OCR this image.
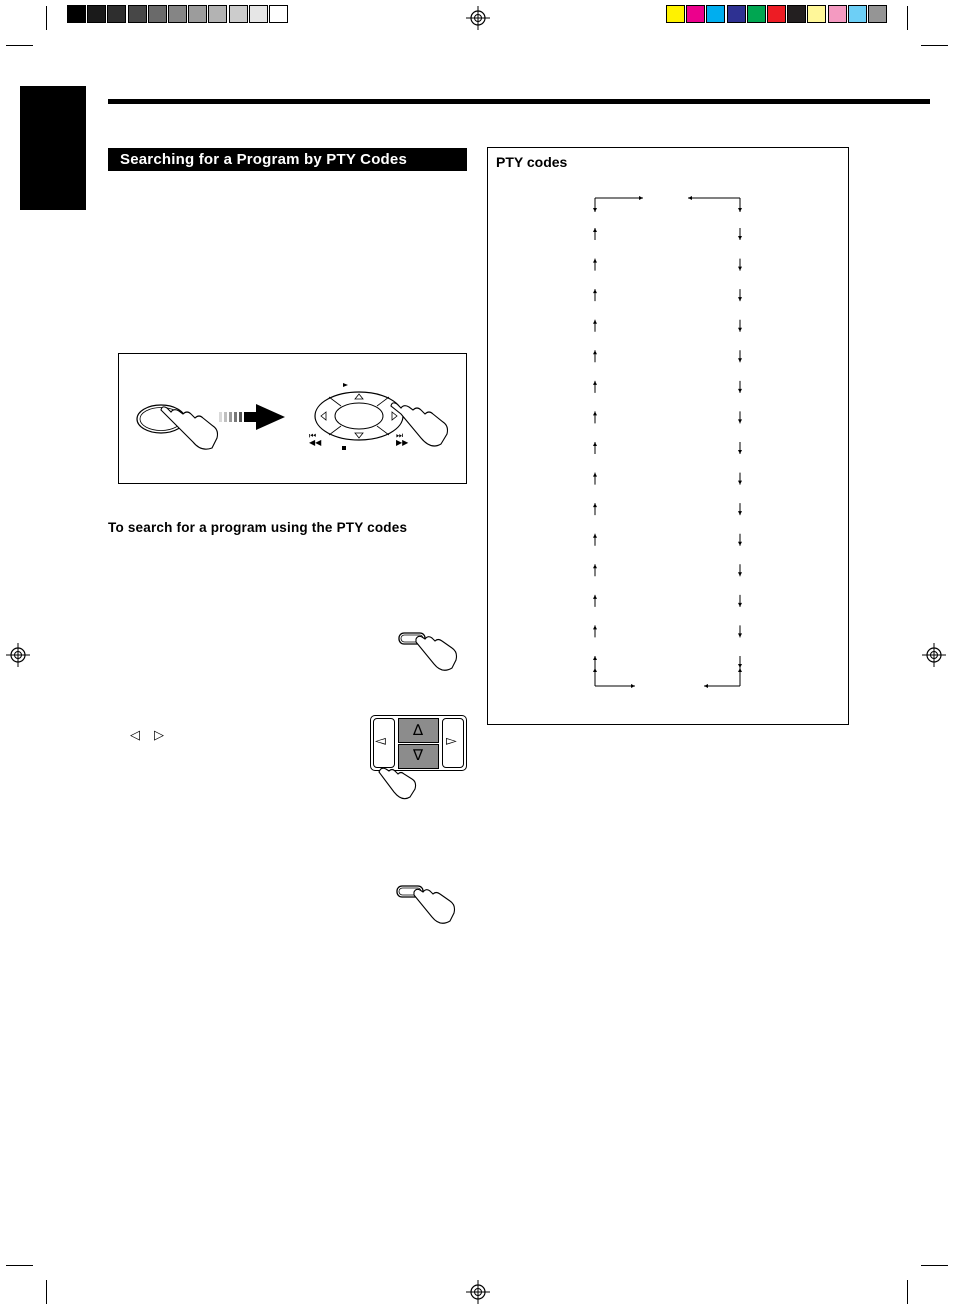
Searching for a Program by PTY Codes
⏮
◀◀
⏭
▶▶
To search for a program using the PTY codes
◁ ▷	◅	▻
∆
∇
PTY codes
